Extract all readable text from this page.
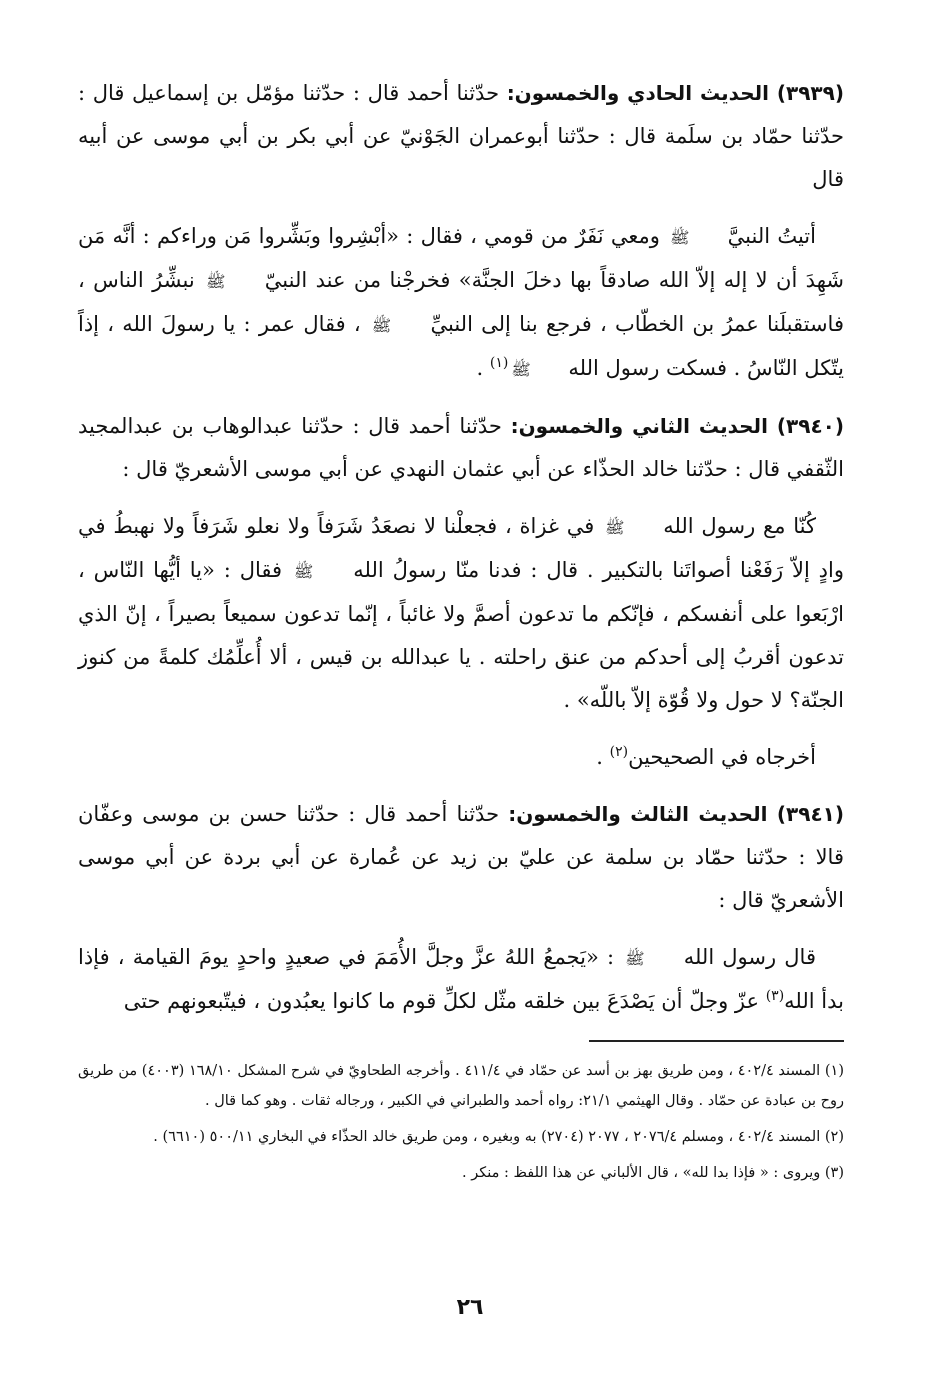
(٣٩٣٩) الحديث الحادي والخمسون: حدّثنا أحمد قال : حدّثنا مؤمّل بن إسماعيل قال : حدّثنا حمّاد بن سلَمة قال : حدّثنا أبوعمران الجَوْنيّ عن أبي بكر بن أبي موسى عن أبيه قال

أتيتُ النبيَّ ﷺ ومعي نَفَرٌ من قومي ، فقال : «أبْشِروا وبَشِّروا مَن وراءكم : أنَّه مَن شَهِدَ أن لا إله إلاّ الله صادقاً بها دخلَ الجنَّة» فخرجْنا من عند النبيّ ﷺ نبشِّرُ الناس ، فاستقبلَنا عمرُ بن الخطّاب ، فرجع بنا إلى النبيِّ ﷺ ، فقال عمر : يا رسولَ الله ، إذاً يتّكل النّاسُ . فسكت رسول الله ﷺ$^{(١)}$ .

(٣٩٤٠) الحديث الثاني والخمسون: حدّثنا أحمد قال : حدّثنا عبدالوهاب بن عبدالمجيد الثّقفي قال : حدّثنا خالد الحذّاء عن أبي عثمان النهدي عن أبي موسى الأشعريّ قال :

كُنّا مع رسول الله ﷺ في غزاة ، فجعلْنا لا نصعَدُ شَرَفاً ولا نعلو شَرَفاً ولا نهبطُ في وادٍ إلاّ رَفَعْنا أصواتَنا بالتكبير . قال : فدنا منّا رسولُ الله ﷺ فقال : «يا أيُّها النّاس ، ارْبَعوا على أنفسكم ، فإنّكم ما تدعون أصمَّ ولا غائباً ، إنّما تدعون سميعاً بصيراً ، إنّ الذي تدعون أقربُ إلى أحدكم من عنق راحلته . يا عبدالله بن قيس ، ألا أُعلِّمُك كلمةً من كنوز الجنّة؟ لا حول ولا قُوّة إلاّ باللّه» .

أخرجاه في الصحيحين$^{(٢)}$ .

(٣٩٤١) الحديث الثالث والخمسون: حدّثنا أحمد قال : حدّثنا حسن بن موسى وعفّان قالا : حدّثنا حمّاد بن سلمة عن عليّ بن زيد عن عُمارة عن أبي بردة عن أبي موسى الأشعريّ قال :

قال رسول الله ﷺ : «يَجمعُ اللهُ عزَّ وجلَّ الأُمَمَ في صعيدٍ واحدٍ يومَ القيامة ، فإذا بدأ الله$^{(٣)}$ عزّ وجلّ أن يَصْدَعَ بين خلقه مثّل لكلِّ قوم ما كانوا يعبُدون ، فيتّبعونهم حتى

(١) المسند ٤٠٢/٤ ، ومن طريق بهز بن أسد عن حمّاد في ٤١١/٤ . وأخرجه الطحاويّ في شرح المشكل ١٦٨/١٠ (٤٠٠٣) من طريق روح بن عبادة عن حمّاد . وقال الهيثمي ٢١/١: رواه أحمد والطبراني في الكبير ، ورجاله ثقات . وهو كما قال .

(٢) المسند ٤٠٢/٤ ، ومسلم ٢٠٧٦/٤ ، ٢٠٧٧ (٢٧٠٤) به وبغيره ، ومن طريق خالد الحذّاء في البخاري ٥٠٠/١١ (٦٦١٠) .

(٣) ويروى : « فإذا بدا لله» ، قال الألباني عن هذا اللفظ : منكر .

٢٦
